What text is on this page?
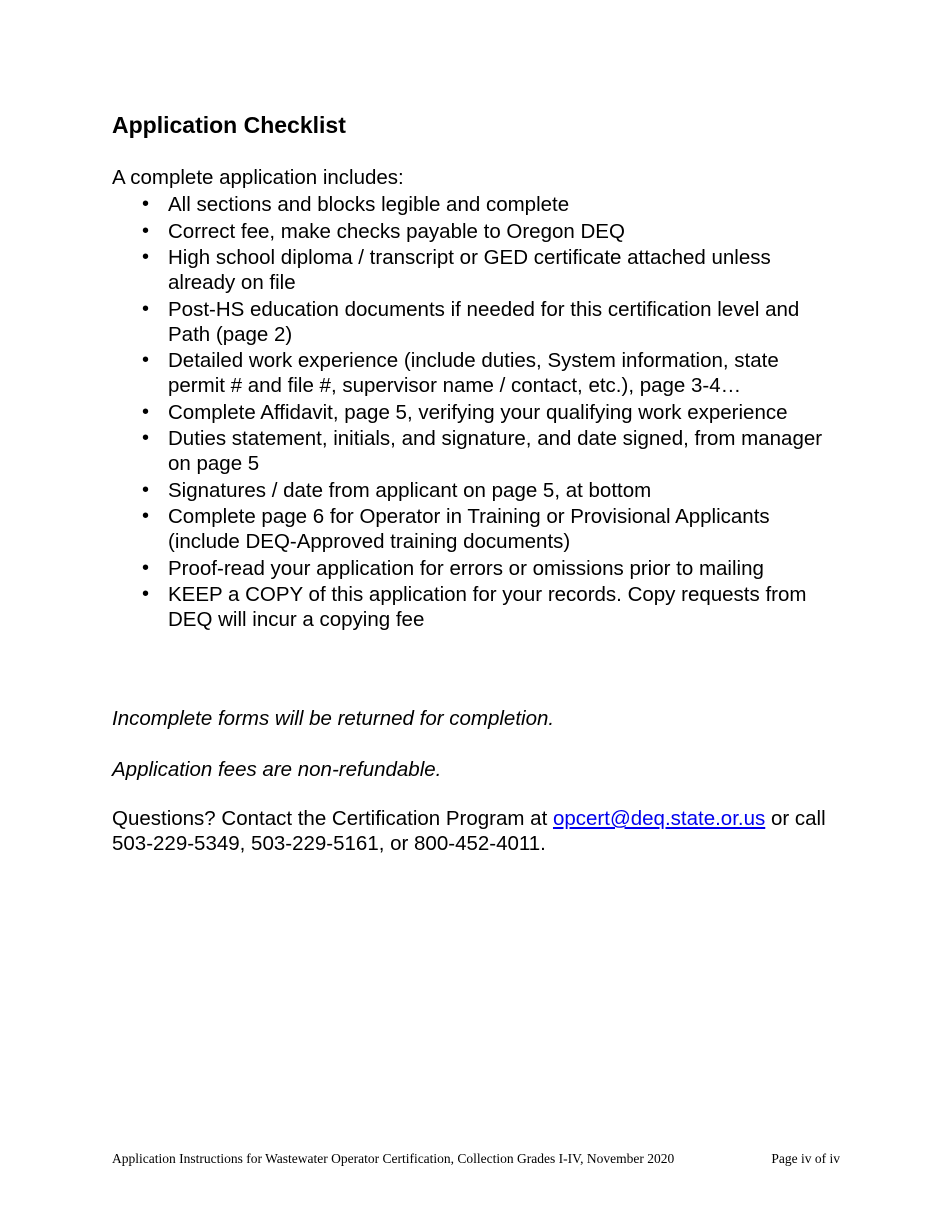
Application Checklist
A complete application includes:
• All sections and blocks legible and complete
• Correct fee, make checks payable to Oregon DEQ
• High school diploma / transcript or GED certificate attached unless already on file
• Post-HS education documents if needed for this certification level and Path (page 2)
• Detailed work experience (include duties, System information, state permit # and file #, supervisor name / contact, etc.), page 3-4…
• Complete Affidavit, page 5, verifying your qualifying work experience
• Duties statement, initials, and signature, and date signed, from manager on page 5
• Signatures / date from applicant on page 5, at bottom
• Complete page 6 for Operator in Training or Provisional Applicants (include DEQ-Approved training documents)
• Proof-read your application for errors or omissions prior to mailing
• KEEP a COPY of this application for your records. Copy requests from DEQ will incur a copying fee
Incomplete forms will be returned for completion.
Application fees are non-refundable.
Questions? Contact the Certification Program at opcert@deq.state.or.us or call 503-229-5349, 503-229-5161, or 800-452-4011.
Application Instructions for Wastewater Operator Certification, Collection Grades I-IV, November 2020	Page iv of iv
